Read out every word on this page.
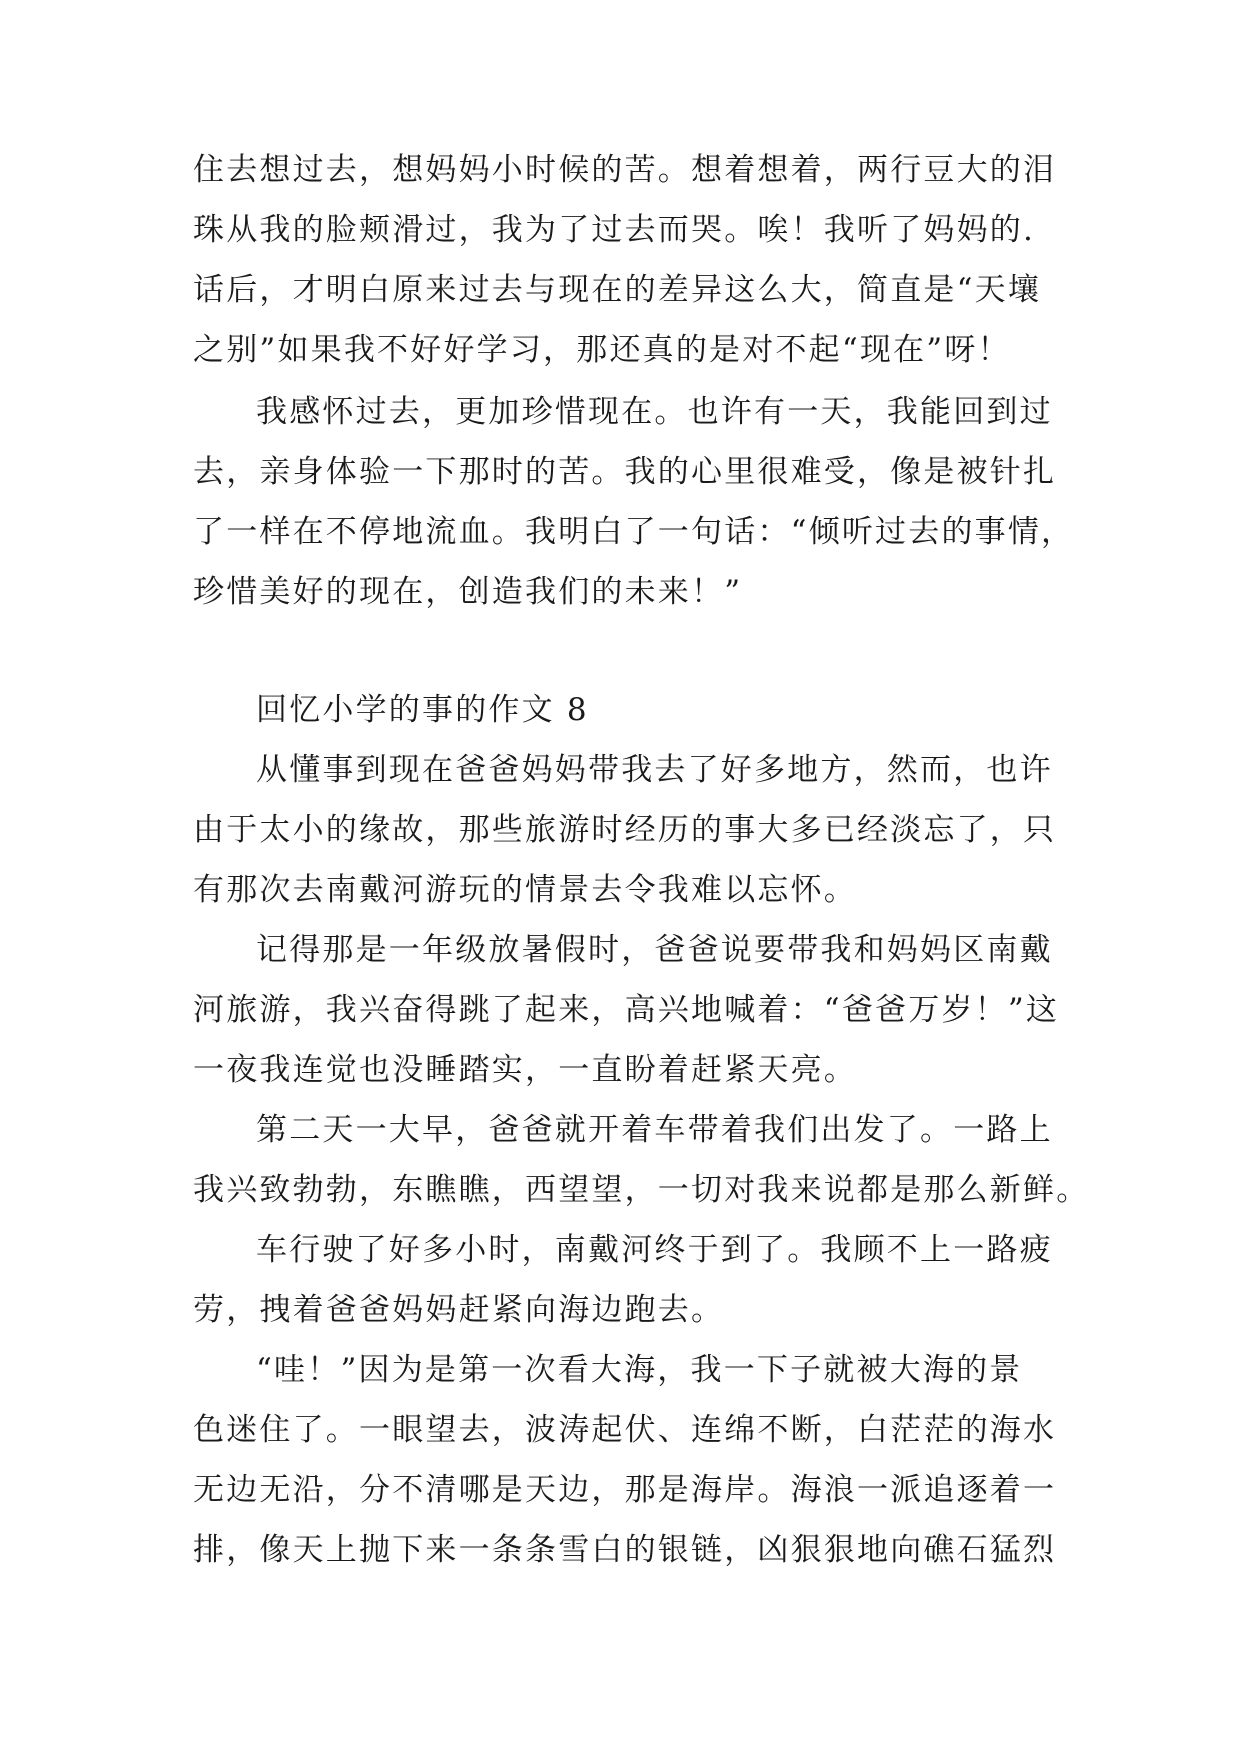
住去想过去，想妈妈小时候的苦。想着想着，两行豆大的泪
珠从我的脸颊滑过，我为了过去而哭。唉！我听了妈妈的.
话后，才明白原来过去与现在的差异这么大，简直是“天壤
之别”如果我不好好学习，那还真的是对不起“现在”呀！
我感怀过去，更加珍惜现在。也许有一天，我能回到过
去，亲身体验一下那时的苦。我的心里很难受，像是被针扎
了一样在不停地流血。我明白了一句话：“倾听过去的事情，
珍惜美好的现在，创造我们的未来！”
回忆小学的事的作文 8
从懂事到现在爸爸妈妈带我去了好多地方，然而，也许
由于太小的缘故，那些旅游时经历的事大多已经淡忘了，只
有那次去南戴河游玩的情景去令我难以忘怀。
记得那是一年级放暑假时，爸爸说要带我和妈妈区南戴
河旅游，我兴奋得跳了起来，高兴地喊着：“爸爸万岁！”这
一夜我连觉也没睡踏实，一直盼着赶紧天亮。
第二天一大早，爸爸就开着车带着我们出发了。一路上
我兴致勃勃，东瞧瞧，西望望，一切对我来说都是那么新鲜。
车行驶了好多小时，南戴河终于到了。我顾不上一路疲
劳，拽着爸爸妈妈赶紧向海边跑去。
“哇！”因为是第一次看大海，我一下子就被大海的景
色迷住了。一眼望去，波涛起伏、连绵不断，白茫茫的海水
无边无沿，分不清哪是天边，那是海岸。海浪一派追逐着一
排，像天上抛下来一条条雪白的银链，凶狠狠地向礁石猛烈
